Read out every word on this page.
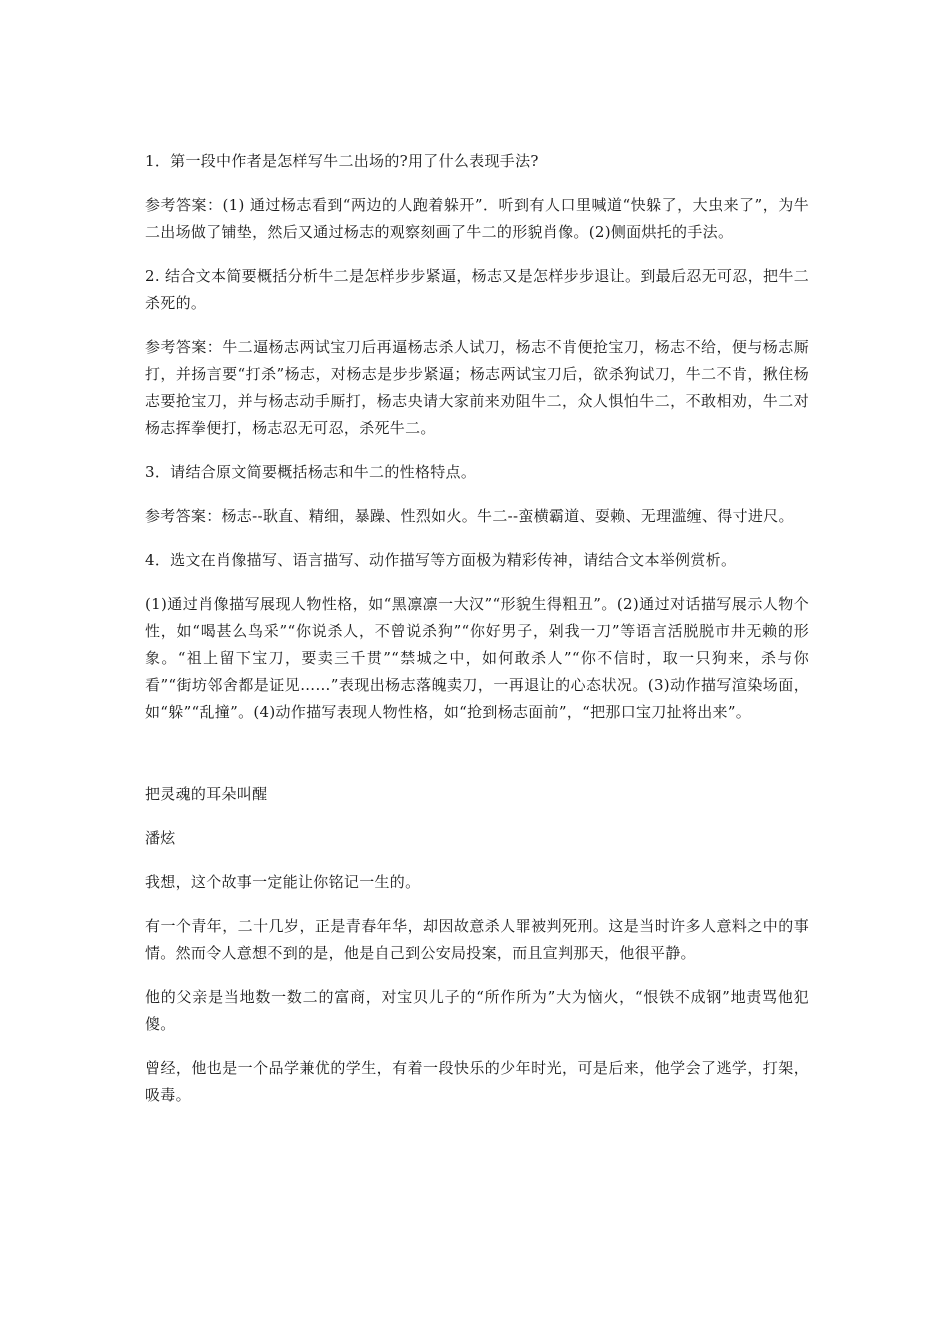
1．第一段中作者是怎样写牛二出场的?用了什么表现手法?

参考答案：(1) 通过杨志看到“两边的人跑着躲开”．听到有人口里喊道“快躲了，大虫来了”，为牛二出场做了铺垫，然后又通过杨志的观察刻画了牛二的形貌肖像。(2)侧面烘托的手法。

2. 结合文本简要概括分析牛二是怎样步步紧逼，杨志又是怎样步步退让。到最后忍无可忍，把牛二杀死的。

参考答案：牛二逼杨志两试宝刀后再逼杨志杀人试刀，杨志不肯便抢宝刀，杨志不给，便与杨志厮打，并扬言要“打杀”杨志，对杨志是步步紧逼；杨志两试宝刀后，欲杀狗试刀，牛二不肯，揪住杨志要抢宝刀，并与杨志动手厮打，杨志央请大家前来劝阻牛二，众人惧怕牛二，不敢相劝，牛二对杨志挥拳便打，杨志忍无可忍，杀死牛二。

3．请结合原文简要概括杨志和牛二的性格特点。

参考答案：杨志--耿直、精细，暴躁、性烈如火。牛二--蛮横霸道、耍赖、无理滥缠、得寸进尺。

4．选文在肖像描写、语言描写、动作描写等方面极为精彩传神，请结合文本举例赏析。

(1)通过肖像描写展现人物性格，如“黑凛凛一大汉”“形貌生得粗丑”。(2)通过对话描写展示人物个性，如“喝甚么鸟采”“你说杀人，不曾说杀狗”“你好男子，剁我一刀”等语言活脱脱市井无赖的形象。“祖上留下宝刀，要卖三千贯”“禁城之中，如何敢杀人”“你不信时，取一只狗来，杀与你看”“街坊邻舍都是证见……”表现出杨志落魄卖刀，一再退让的心态状况。(3)动作描写渲染场面，如“躲”“乱撞”。(4)动作描写表现人物性格，如“抢到杨志面前”，“把那口宝刀扯将出来”。

把灵魂的耳朵叫醒

潘炫

我想，这个故事一定能让你铭记一生的。

有一个青年，二十几岁，正是青春年华，却因故意杀人罪被判死刑。这是当时许多人意料之中的事情。然而令人意想不到的是，他是自己到公安局投案，而且宣判那天，他很平静。

他的父亲是当地数一数二的富商，对宝贝儿子的“所作所为”大为恼火，“恨铁不成钢”地责骂他犯傻。

曾经，他也是一个品学兼优的学生，有着一段快乐的少年时光，可是后来，他学会了逃学，打架，吸毒。
